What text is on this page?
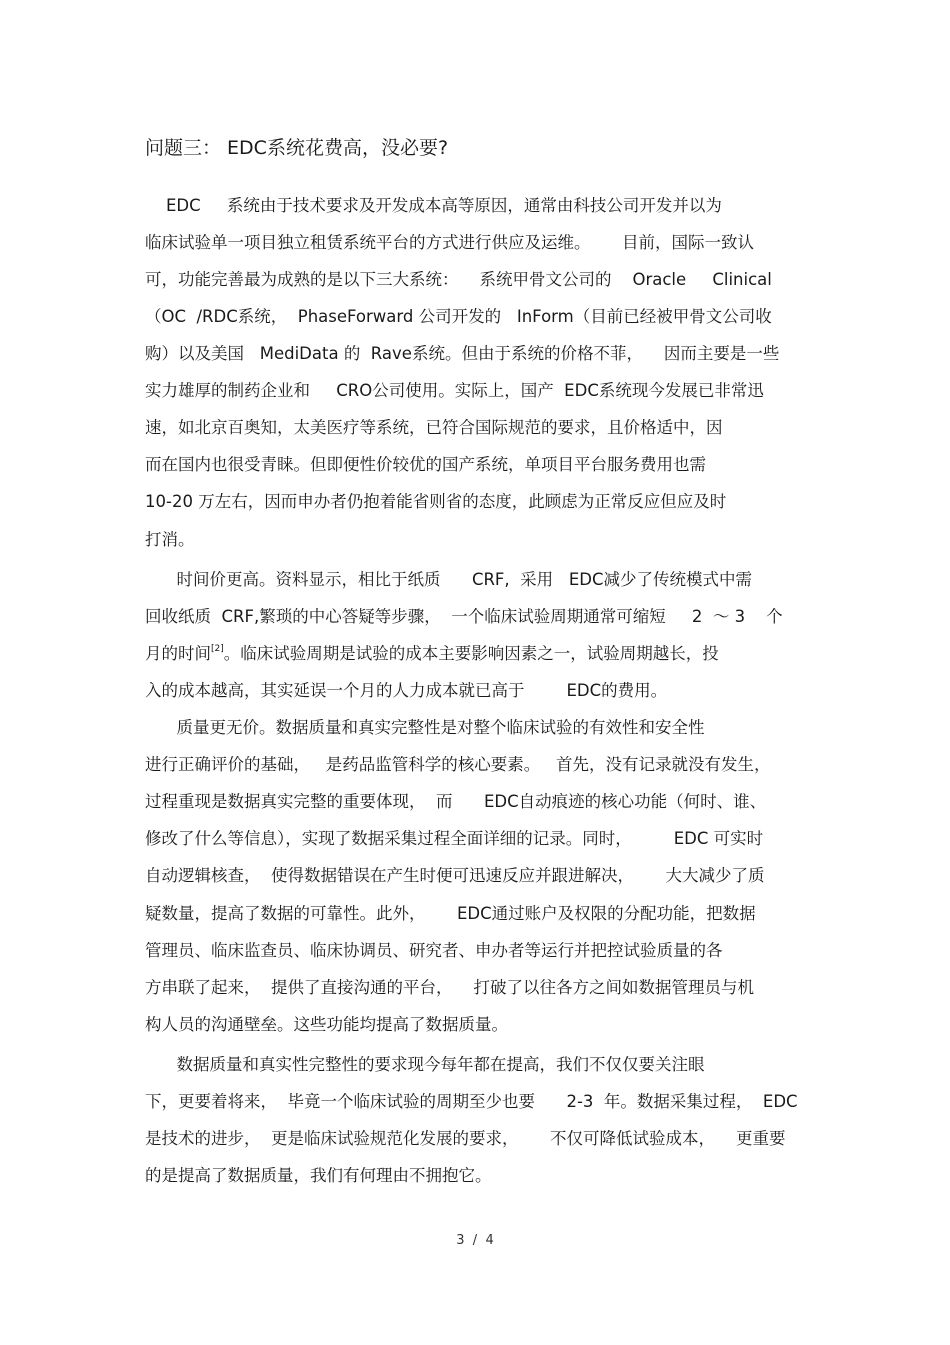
问题三： EDC系统花费高，没必要?
EDC     系统由于技术要求及开发成本高等原因，通常由科技公司开发并以为
临床试验单一项目独立租赁系统平台的方式进行供应及运维。      目前，国际一致认
可，功能完善最为成熟的是以下三大系统：    系统甲骨文公司的    Oracle     Clinical
（OC  /RDC系统，  PhaseForward 公司开发的   InForm（目前已经被甲骨文公司收
购）以及美国   MediData 的  Rave系统。但由于系统的价格不菲，    因而主要是一些
实力雄厚的制药企业和     CRO公司使用。实际上，国产  EDC系统现今发展已非常迅
速，如北京百奥知，太美医疗等系统，已符合国际规范的要求，且价格适中，因
而在国内也很受青睐。但即便性价较优的国产系统，单项目平台服务费用也需
10-20 万左右，因而申办者仍抱着能省则省的态度，此顾虑为正常反应但应及时
打消。
时间价更高。资料显示，相比于纸质      CRF,  采用   EDC减少了传统模式中需
回收纸质  CRF,繁琐的中心答疑等步骤，  一个临床试验周期通常可缩短     2  ～ 3    个
月的时间[2]。临床试验周期是试验的成本主要影响因素之一，试验周期越长，投
入的成本越高，其实延误一个月的人力成本就已高于        EDC的费用。
质量更无价。数据质量和真实完整性是对整个临床试验的有效性和安全性
进行正确评价的基础，   是药品监管科学的核心要素。   首先，没有记录就没有发生，
过程重现是数据真实完整的重要体现，  而      EDC自动痕迹的核心功能（何时、谁、
修改了什么等信息），实现了数据采集过程全面详细的记录。同时，        EDC 可实时
自动逻辑核查，  使得数据错误在产生时便可迅速反应并跟进解决，      大大减少了质
疑数量，提高了数据的可靠性。此外，      EDC通过账户及权限的分配功能，把数据
管理员、临床监查员、临床协调员、研究者、申办者等运行并把控试验质量的各
方串联了起来，  提供了直接沟通的平台，    打破了以往各方之间如数据管理员与机
构人员的沟通壁垒。这些功能均提高了数据质量。
数据质量和真实性完整性的要求现今每年都在提高，我们不仅仅要关注眼
下，更要着将来，  毕竟一个临床试验的周期至少也要      2-3  年。数据采集过程，  EDC
是技术的进步，  更是临床试验规范化发展的要求，      不仅可降低试验成本，    更重要
的是提高了数据质量，我们有何理由不拥抱它。
3  /  4
